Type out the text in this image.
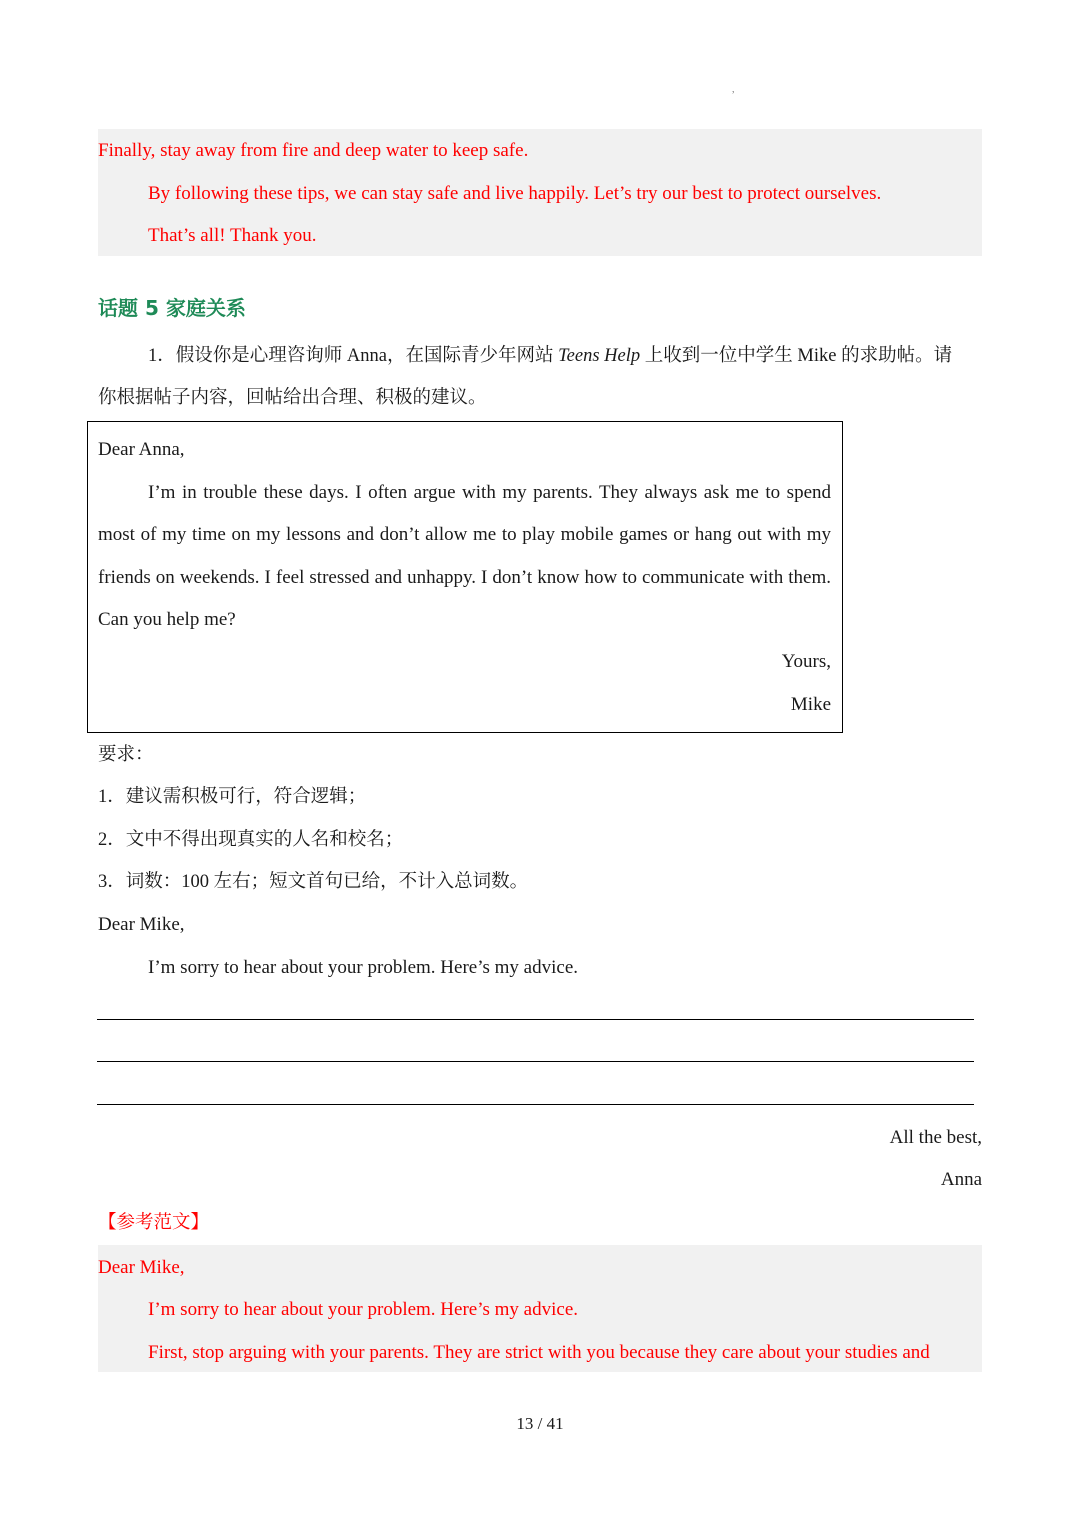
,
Finally, stay away from fire and deep water to keep safe.
By following these tips, we can stay safe and live happily. Let’s try our best to protect ourselves.
That’s all! Thank you.
话题 5 家庭关系
1．假设你是心理咨询师 Anna，在国际青少年网站 Teens Help 上收到一位中学生 Mike 的求助帖。请
你根据帖子内容，回帖给出合理、积极的建议。
Dear Anna,
I’m in trouble these days. I often argue with my parents. They always ask me to spend
most of my time on my lessons and don’t allow me to play mobile games or hang out with my
friends on weekends. I feel stressed and unhappy. I don’t know how to communicate with them.
Can you help me?
Yours,
Mike
要求：
1．建议需积极可行，符合逻辑；
2．文中不得出现真实的人名和校名；
3．词数：100 左右；短文首句已给，不计入总词数。
Dear Mike,
I’m sorry to hear about your problem. Here’s my advice.
All the best,
Anna
【参考范文】
Dear Mike,
I’m sorry to hear about your problem. Here’s my advice.
First, stop arguing with your parents. They are strict with you because they care about your studies and
13 / 41
